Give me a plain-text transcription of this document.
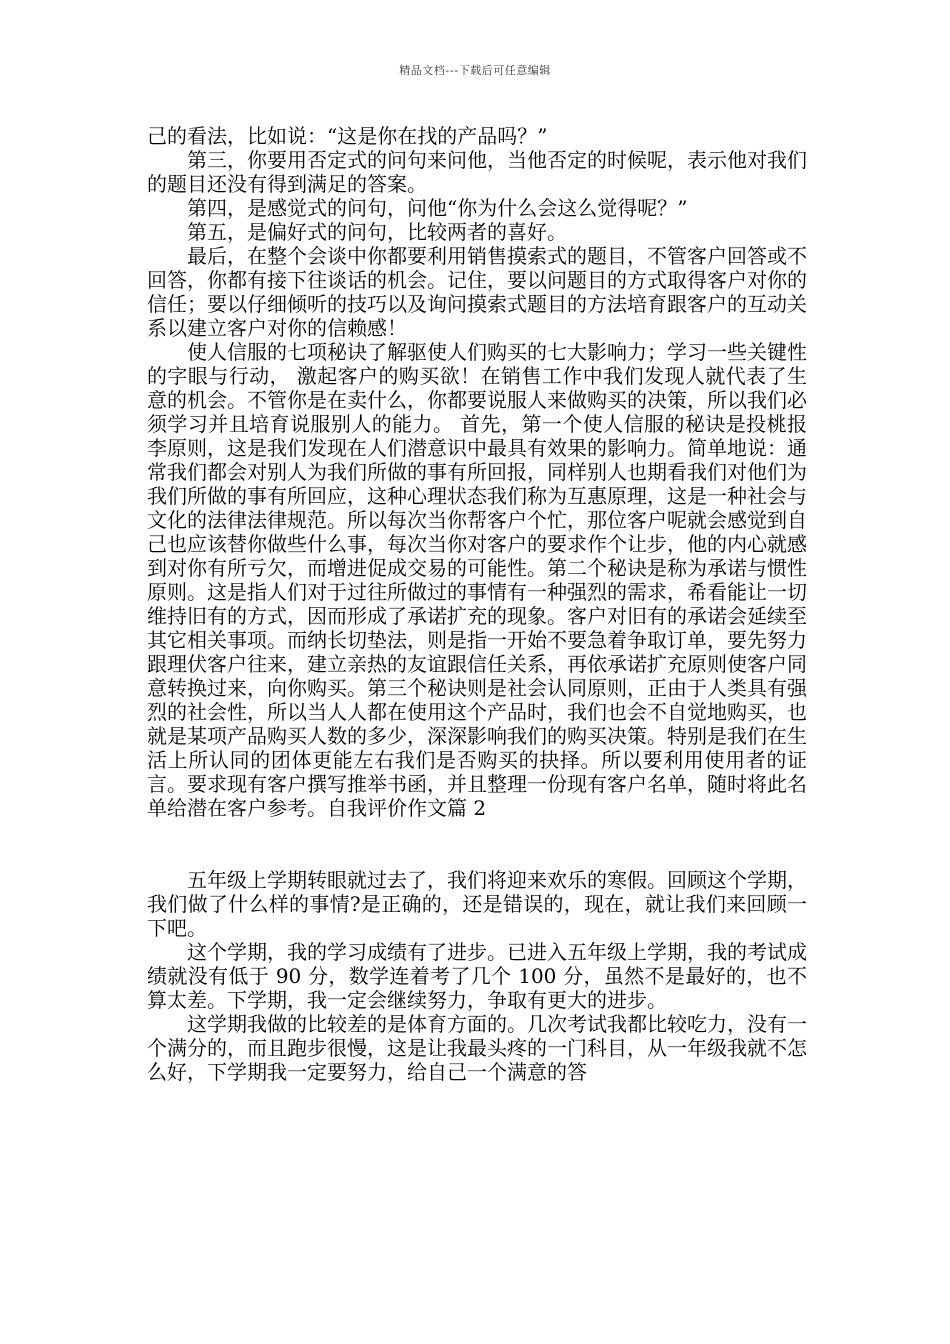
精品文档---下载后可任意编辑

己的看法，比如说：“这是你在找的产品吗？”

第三，你要用否定式的问句来问他，当他否定的时候呢，表示他对我们的题目还没有得到满足的答案。

第四，是感觉式的问句，问他“你为什么会这么觉得呢？”

第五，是偏好式的问句，比较两者的喜好。

最后，在整个会谈中你都要利用销售摸索式的题目，不管客户回答或不回答，你都有接下往谈话的机会。记住，要以问题目的方式取得客户对你的信任；要以仔细倾听的技巧以及询问摸索式题目的方法培育跟客户的互动关系以建立客户对你的信赖感！

使人信服的七项秘诀了解驱使人们购买的七大影响力；学习一些关键性的字眼与行动， 激起客户的购买欲！在销售工作中我们发现人就代表了生意的机会。不管你是在卖什么，你都要说服人来做购买的决策，所以我们必须学习并且培育说服别人的能力。 首先，第一个使人信服的秘诀是投桃报李原则，这是我们发现在人们潜意识中最具有效果的影响力。简单地说：通常我们都会对别人为我们所做的事有所回报，同样别人也期看我们对他们为我们所做的事有所回应，这种心理状态我们称为互惠原理，这是一种社会与文化的法律法律规范。所以每次当你帮客户个忙，那位客户呢就会感觉到自己也应该替你做些什么事，每次当你对客户的要求作个让步，他的内心就感到对你有所亏欠，而增进促成交易的可能性。第二个秘诀是称为承诺与惯性原则。这是指人们对于过往所做过的事情有一种强烈的需求，希看能让一切维持旧有的方式，因而形成了承诺扩充的现象。客户对旧有的承诺会延续至其它相关事项。而纳长切垫法，则是指一开始不要急着争取订单，要先努力跟理伏客户往来，建立亲热的友谊跟信任关系，再依承诺扩充原则使客户同意转换过来，向你购买。第三个秘诀则是社会认同原则，正由于人类具有强烈的社会性，所以当人人都在使用这个产品时，我们也会不自觉地购买，也就是某项产品购买人数的多少，深深影响我们的购买决策。特别是我们在生活上所认同的团体更能左右我们是否购买的抉择。所以要利用使用者的证言。要求现有客户撰写推举书函，并且整理一份现有客户名单，随时将此名单给潜在客户参考。自我评价作文篇 2

五年级上学期转眼就过去了，我们将迎来欢乐的寒假。回顾这个学期，我们做了什么样的事情?是正确的，还是错误的，现在，就让我们来回顾一下吧。

这个学期，我的学习成绩有了进步。已进入五年级上学期，我的考试成绩就没有低于 90 分，数学连着考了几个 100 分，虽然不是最好的，也不算太差。下学期，我一定会继续努力，争取有更大的进步。

这学期我做的比较差的是体育方面的。几次考试我都比较吃力，没有一个满分的，而且跑步很慢，这是让我最头疼的一门科目，从一年级我就不怎么好，下学期我一定要努力，给自己一个满意的答
